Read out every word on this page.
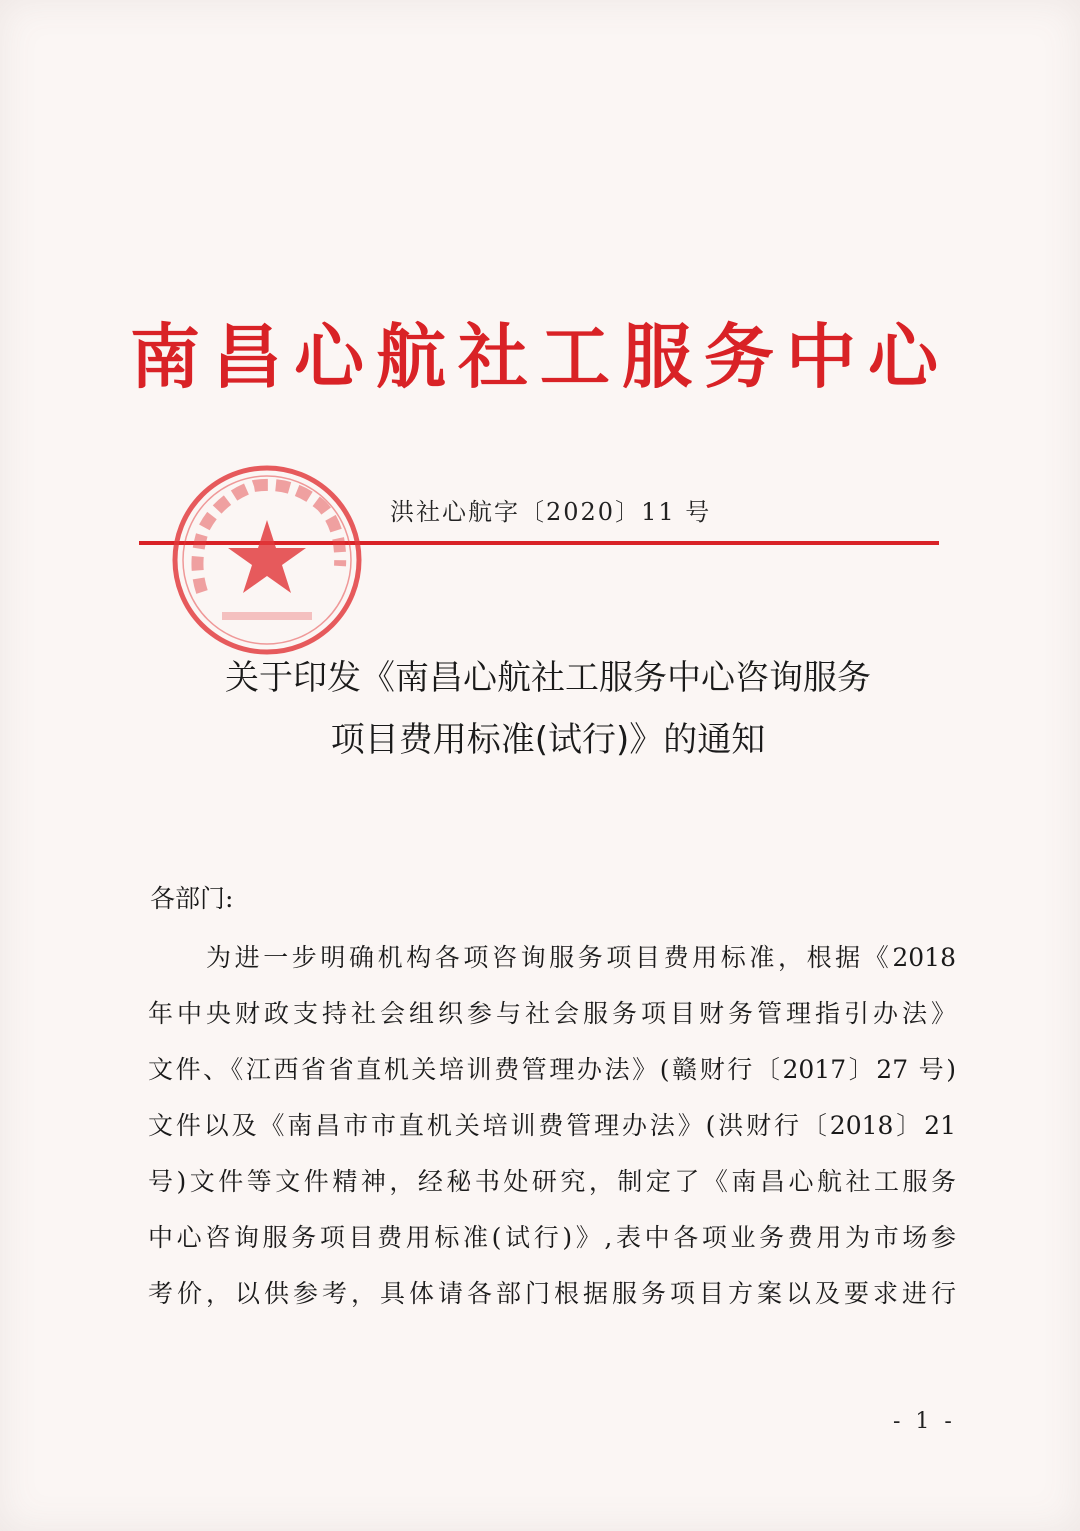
南昌心航社工服务中心
洪社心航字〔2020〕11 号
关于印发《南昌心航社工服务中心咨询服务
项目费用标准(试行)》的通知
各部门:
为进一步明确机构各项咨询服务项目费用标准，根据《2018
年中央财政支持社会组织参与社会服务项目财务管理指引办法》
文件、《江西省省直机关培训费管理办法》(赣财行〔2017〕27 号)
文件以及《南昌市市直机关培训费管理办法》(洪财行〔2018〕21
号)文件等文件精神，经秘书处研究，制定了《南昌心航社工服务
中心咨询服务项目费用标准(试行)》,表中各项业务费用为市场参
考价，以供参考，具体请各部门根据服务项目方案以及要求进行
- 1 -
